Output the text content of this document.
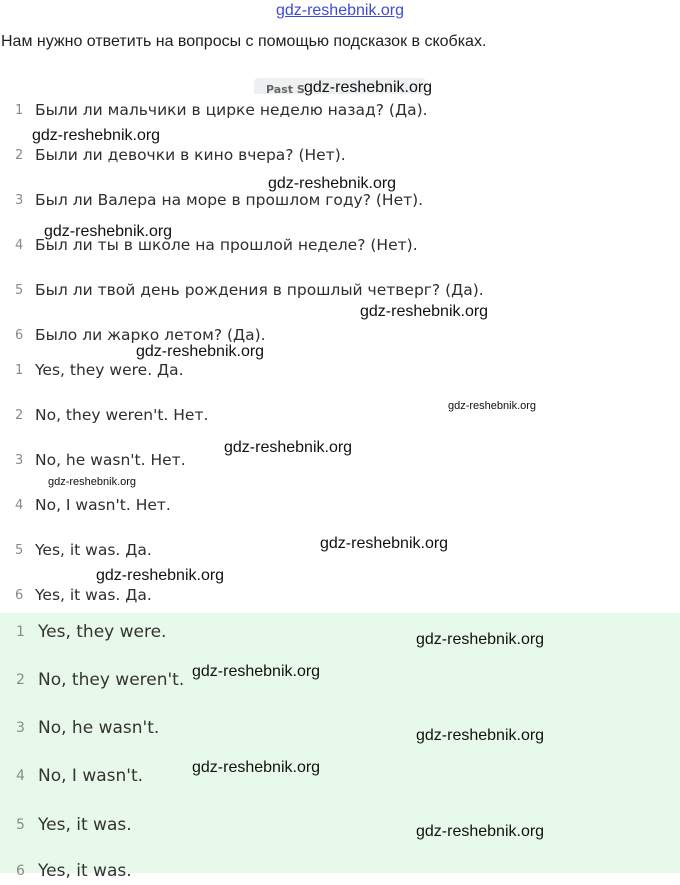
gdz-reshebnik.org
Нам нужно ответить на вопросы с помощью подсказок в скобках.
Past S
1 Были ли мальчики в цирке неделю назад? (Да).
2 Были ли девочки в кино вчера? (Нет).
3 Был ли Валера на море в прошлом году? (Нет).
4 Был ли ты в школе на прошлой неделе? (Нет).
5 Был ли твой день рождения в прошлый четверг? (Да).
6 Было ли жарко летом? (Да).
1 Yes, they were. Да.
2 No, they weren't. Нет.
3 No, he wasn't. Нет.
4 No, I wasn't. Нет.
5 Yes, it was. Да.
6 Yes, it was. Да.
1 Yes, they were.
2 No, they weren't.
3 No, he wasn't.
4 No, I wasn't.
5 Yes, it was.
6 Yes, it was.
gdz-reshebnik.org
gdz-reshebnik.org
gdz-reshebnik.org
gdz-reshebnik.org
gdz-reshebnik.org
gdz-reshebnik.org
gdz-reshebnik.org
gdz-reshebnik.org
gdz-reshebnik.org
gdz-reshebnik.org
gdz-reshebnik.org
gdz-reshebnik.org
gdz-reshebnik.org
gdz-reshebnik.org
gdz-reshebnik.org
gdz-reshebnik.org
